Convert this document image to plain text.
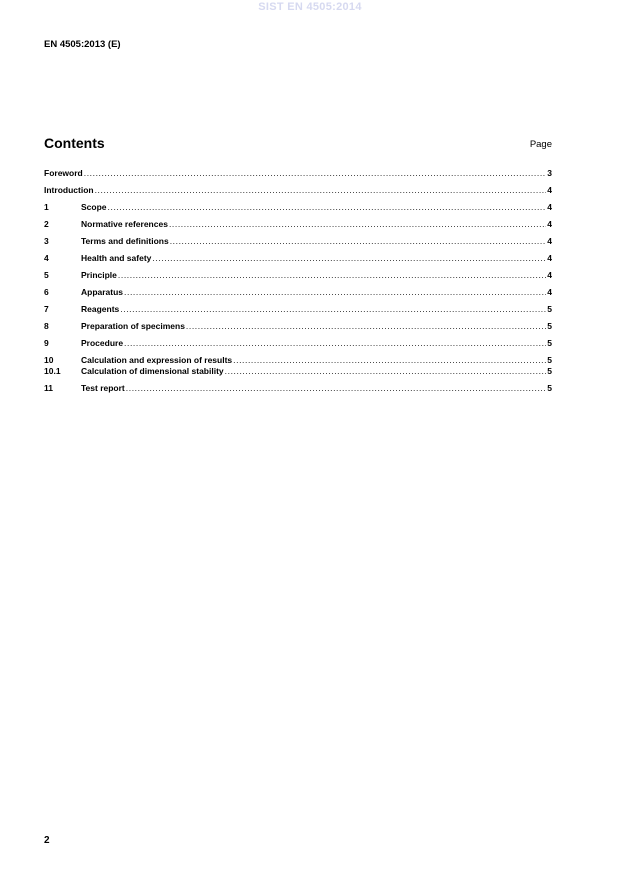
SIST EN 4505:2014
EN 4505:2013 (E)
Contents	Page
Foreword .....	3
Introduction .....	4
1	Scope .....	4
2	Normative references .....	4
3	Terms and definitions .....	4
4	Health and safety .....	4
5	Principle .....	4
6	Apparatus .....	4
7	Reagents .....	5
8	Preparation of specimens .....	5
9	Procedure .....	5
10	Calculation and expression of results .....	5
10.1	Calculation of dimensional stability .....	5
11	Test report .....	5
2
